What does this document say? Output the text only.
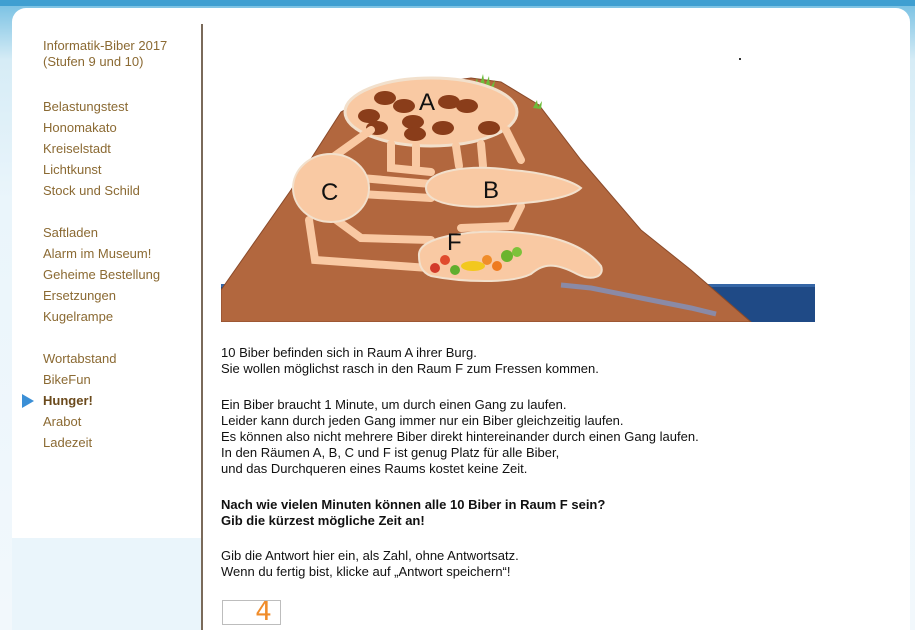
Informatik-Biber 2017
(Stufen 9 und 10)
Belastungstest
Honomakato
Kreiselstadt
Lichtkunst
Stock und Schild
Saftladen
Alarm im Museum!
Geheime Bestellung
Ersetzungen
Kugelrampe
Wortabstand
BikeFun
Hunger!
Arabot
Ladezeit
A
B
C
F
10 Biber befinden sich in Raum A ihrer Burg.
Sie wollen möglichst rasch in den Raum F zum Fressen kommen.
Ein Biber braucht 1 Minute, um durch einen Gang zu laufen.
Leider kann durch jeden Gang immer nur ein Biber gleichzeitig laufen.
Es können also nicht mehrere Biber direkt hintereinander durch einen Gang laufen.
In den Räumen A, B, C und F ist genug Platz für alle Biber,
und das Durchqueren eines Raums kostet keine Zeit.
Nach wie vielen Minuten können alle 10 Biber in Raum F sein?
Gib die kürzest mögliche Zeit an!
Gib die Antwort hier ein, als Zahl, ohne Antwortsatz.
Wenn du fertig bist, klicke auf „Antwort speichern“!
4
